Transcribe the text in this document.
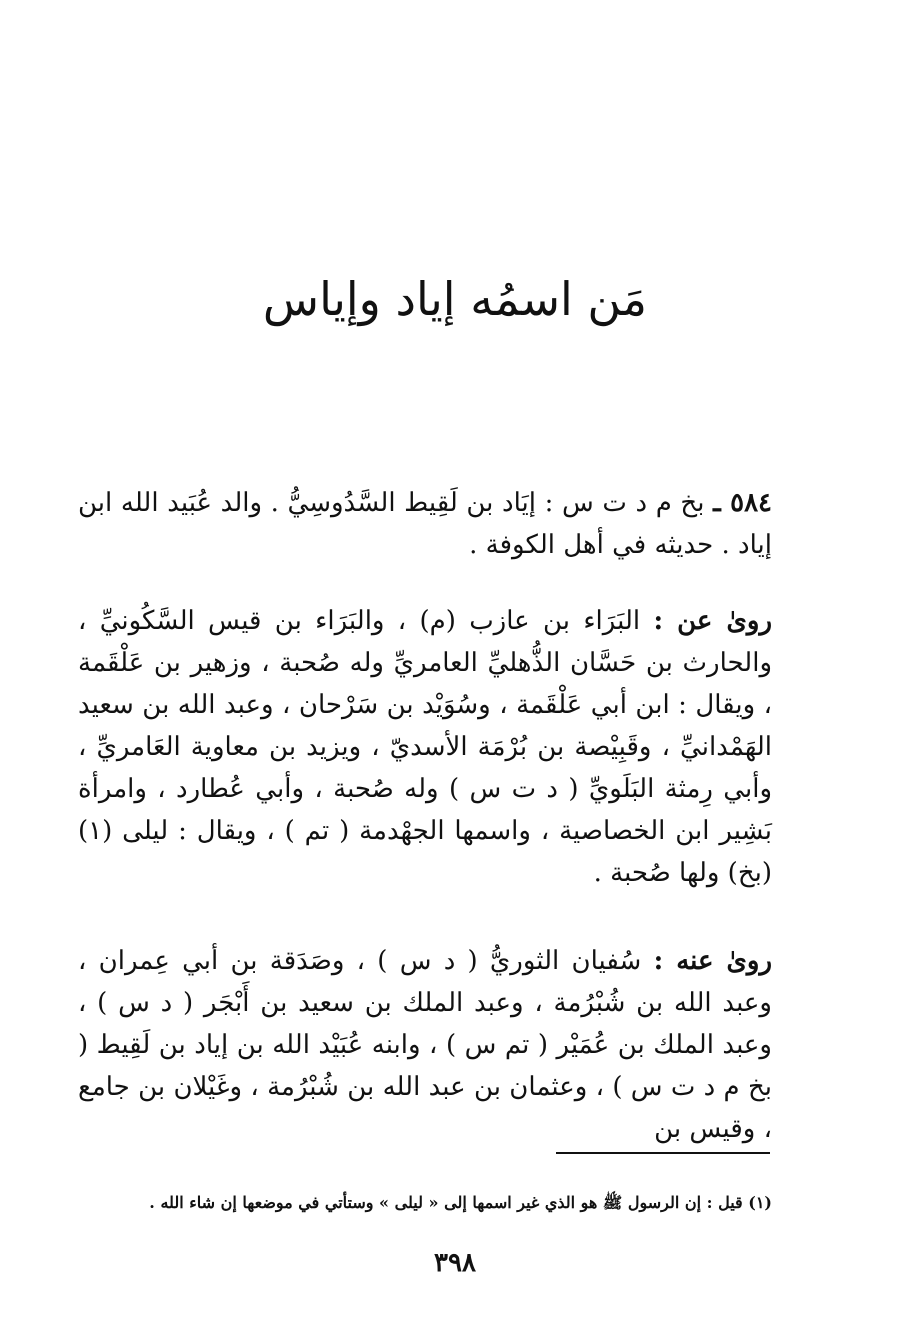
مَن اسمُه إياد وإياس
٥٨٤ ـ بخ م د ت س : إيَاد بن لَقِيط السَّدُوسِيُّ . والد عُبَيد الله ابن إياد . حديثه في أهل الكوفة .
روىٰ عن : البَرَاء بن عازب (م) ، والبَرَاء بن قيس السَّكُونيِّ ، والحارث بن حَسَّان الذُّهليِّ العامريِّ وله صُحبة ، وزهير بن عَلْقَمة ، ويقال : ابن أبي عَلْقَمة ، وسُوَيْد بن سَرْحان ، وعبد الله بن سعيد الهَمْدانيِّ ، وقَبِيْصة بن بُرْمَة الأسديّ ، ويزيد بن معاوية العَامريِّ ، وأبي رِمثة البَلَويِّ ( د ت س ) وله صُحبة ، وأبي عُطارد ، وامرأة بَشِير ابن الخصاصية ، واسمها الجهْدمة ( تم ) ، ويقال : ليلى (١) (بخ) ولها صُحبة .
روىٰ عنه : سُفيان الثوريُّ ( د س ) ، وصَدَقة بن أبي عِمران ، وعبد الله بن شُبْرُمة ، وعبد الملك بن سعيد بن أَبْجَر ( د س ) ، وعبد الملك بن عُمَيْر ( تم س ) ، وابنه عُبَيْد الله بن إياد بن لَقِيط ( بخ م د ت س ) ، وعثمان بن عبد الله بن شُبْرُمة ، وغَيْلان بن جامع ، وقيس بن
(١) قيل : إن الرسول ﷺ هو الذي غير اسمها إلى « ليلى » وستأتي في موضعها إن شاء الله .
٣٩٨
